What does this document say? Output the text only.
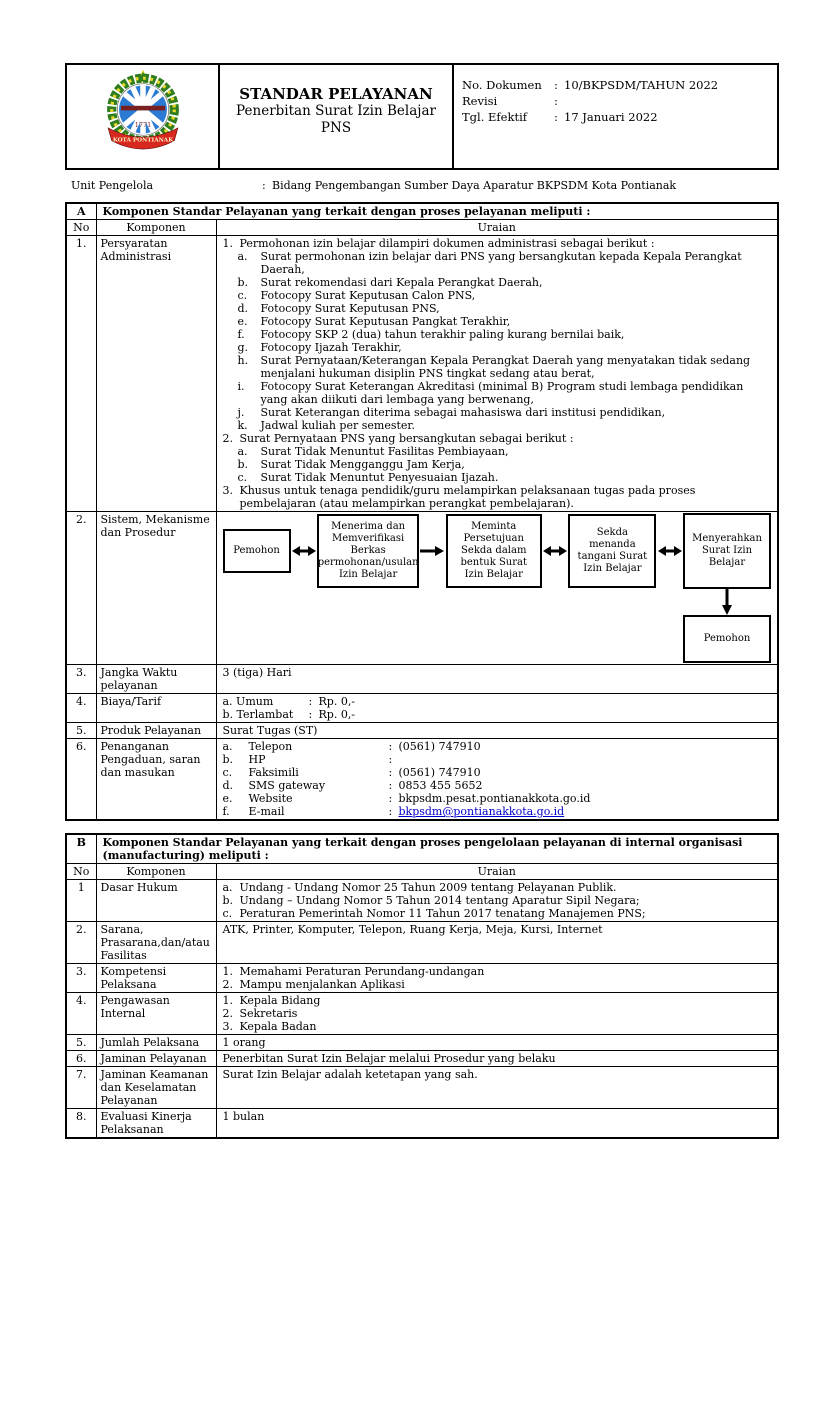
1771
KOTA PONTIANAK

STANDAR PELAYANAN
Penerbitan Surat Izin Belajar PNS

No. Dokumen	: 10/BKPSDM/TAHUN 2022
Revisi	:
Tgl. Efektif	: 17 Januari 2022
Unit Pengelola	: Bidang Pengembangan Sumber Daya Aparatur BKPSDM Kota Pontianak
A	Komponen Standar Pelayanan yang terkait dengan proses pelayanan meliputi :	
No	Komponen	Uraian
1.	Persyaratan Administrasi	
1. Permohonan izin belajar dilampiri dokumen administrasi sebagai berikut :
a.	Surat permohonan izin belajar dari PNS yang bersangkutan kepada Kepala Perangkat Daerah,
b.	Surat rekomendasi dari Kepala Perangkat Daerah,
c.	Fotocopy Surat Keputusan Calon PNS,
d.	Fotocopy Surat Keputusan PNS,
e.	Fotocopy Surat Keputusan Pangkat Terakhir,
f.	Fotocopy SKP 2 (dua) tahun terakhir paling kurang bernilai baik,
g.	Fotocopy Ijazah Terakhir,
h.	Surat Pernyataan/Keterangan Kepala Perangkat Daerah yang menyatakan tidak sedang menjalani hukuman disiplin PNS tingkat sedang atau berat,
i.	Fotocopy Surat Keterangan Akreditasi (minimal B) Program studi lembaga pendidikan yang akan diikuti dari lembaga yang berwenang,
j.	Surat Keterangan diterima sebagai mahasiswa dari institusi pendidikan,
k.	Jadwal kuliah per semester.
2. Surat Pernyataan PNS yang bersangkutan sebagai berikut :
a.	Surat Tidak Menuntut Fasilitas Pembiayaan,
b.	Surat Tidak Mengganggu Jam Kerja,
c.	Surat Tidak Menuntut Penyesuaian Ijazah.
3. Khusus untuk tenaga pendidik/guru melampirkan pelaksanaan tugas pada proses pembelajaran (atau melampirkan perangkat pembelajaran).

2.	Sistem, Mekanisme dan Prosedur	
Pemohon
Menerima dan Memverifikasi Berkas permohonan/usulan Izin Belajar
Meminta Persetujuan Sekda dalam bentuk Surat Izin Belajar
Sekda menanda tangani Surat Izin Belajar
Menyerahkan Surat Izin Belajar
Pemohon

3.	Jangka Waktu pelayanan	3 (tiga) Hari

4.	Biaya/Tarif	a. Umum	: Rp. 0,-
b. Terlambat	: Rp. 0,-

5.	Produk Pelayanan	Surat Tugas (ST)

6.	Penanganan Pengaduan, saran dan masukan	
a.	Telepon	: (0561) 747910
b.	HP	:
c.	Faksimili	: (0561) 747910
d.	SMS gateway	: 0853 455 5652
e.	Website	: bkpsdm.pesat.pontianakkota.go.id
f.	E-mail	: bkpsdm@pontianakkota.go.id
B	Komponen Standar Pelayanan yang terkait dengan proses pengelolaan pelayanan di internal organisasi (manufacturing) meliputi :	
No	Komponen	Uraian
1	Dasar Hukum	a. Undang - Undang Nomor 25 Tahun 2009 tentang Pelayanan Publik.
b. Undang – Undang Nomor 5 Tahun 2014 tentang Aparatur Sipil Negara;
c. Peraturan Pemerintah Nomor 11 Tahun 2017 tenatang Manajemen PNS;

2.	Sarana, Prasarana,dan/atau Fasilitas	ATK, Printer, Komputer, Telepon, Ruang Kerja, Meja, Kursi, Internet

3.	Kompetensi Pelaksana	1. Memahami Peraturan Perundang-undangan
2. Mampu menjalankan Aplikasi

4.	Pengawasan Internal	
1. Kepala Bidang
2. Sekretaris
3. Kepala Badan

5.	Jumlah Pelaksana	1 orang

6.	Jaminan Pelayanan	Penerbitan Surat Izin Belajar melalui Prosedur yang belaku

7.	Jaminan Keamanan dan Keselamatan Pelayanan	Surat Izin Belajar adalah ketetapan yang sah.

8.	Evaluasi Kinerja Pelaksanan	1 bulan
